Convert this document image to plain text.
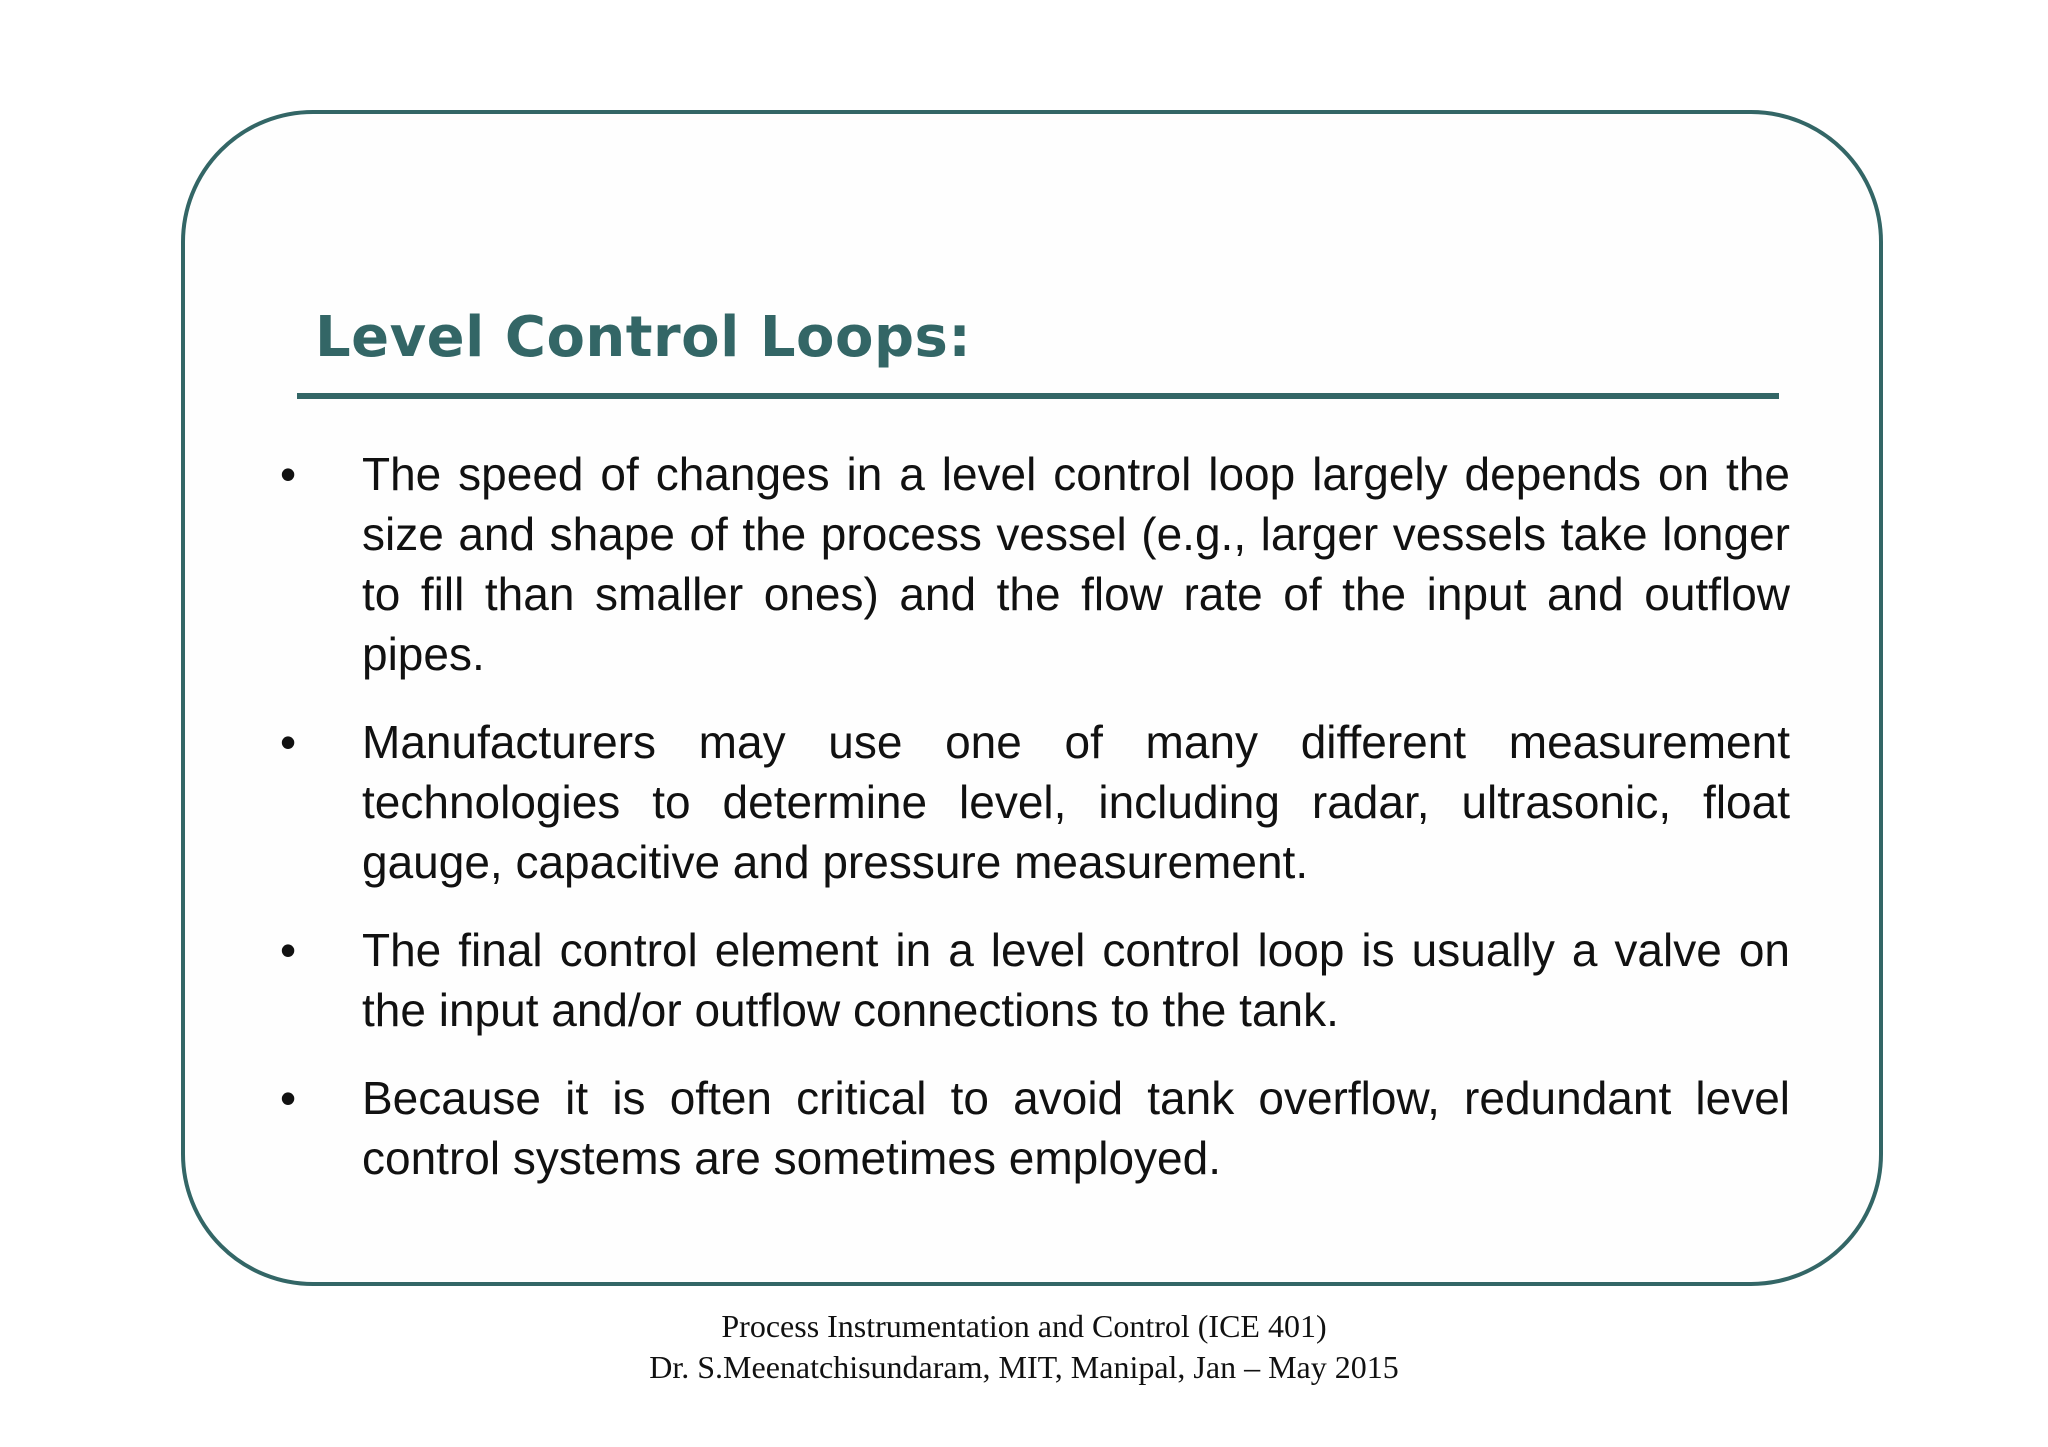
Level Control Loops:
•	The speed of changes in a level control loop largely depends on the size and shape of the process vessel (e.g., larger vessels take longer to fill than smaller ones) and the flow rate of the input and outflow pipes.
•	Manufacturers may use one of many different measurement technologies to determine level, including radar, ultrasonic, float gauge, capacitive and pressure measurement.
•	The final control element in a level control loop is usually a valve on the input and/or outflow connections to the tank.
•	Because it is often critical to avoid tank overflow, redundant level control systems are sometimes employed.
Process Instrumentation and Control (ICE 401)
Dr. S.Meenatchisundaram, MIT, Manipal, Jan – May 2015
